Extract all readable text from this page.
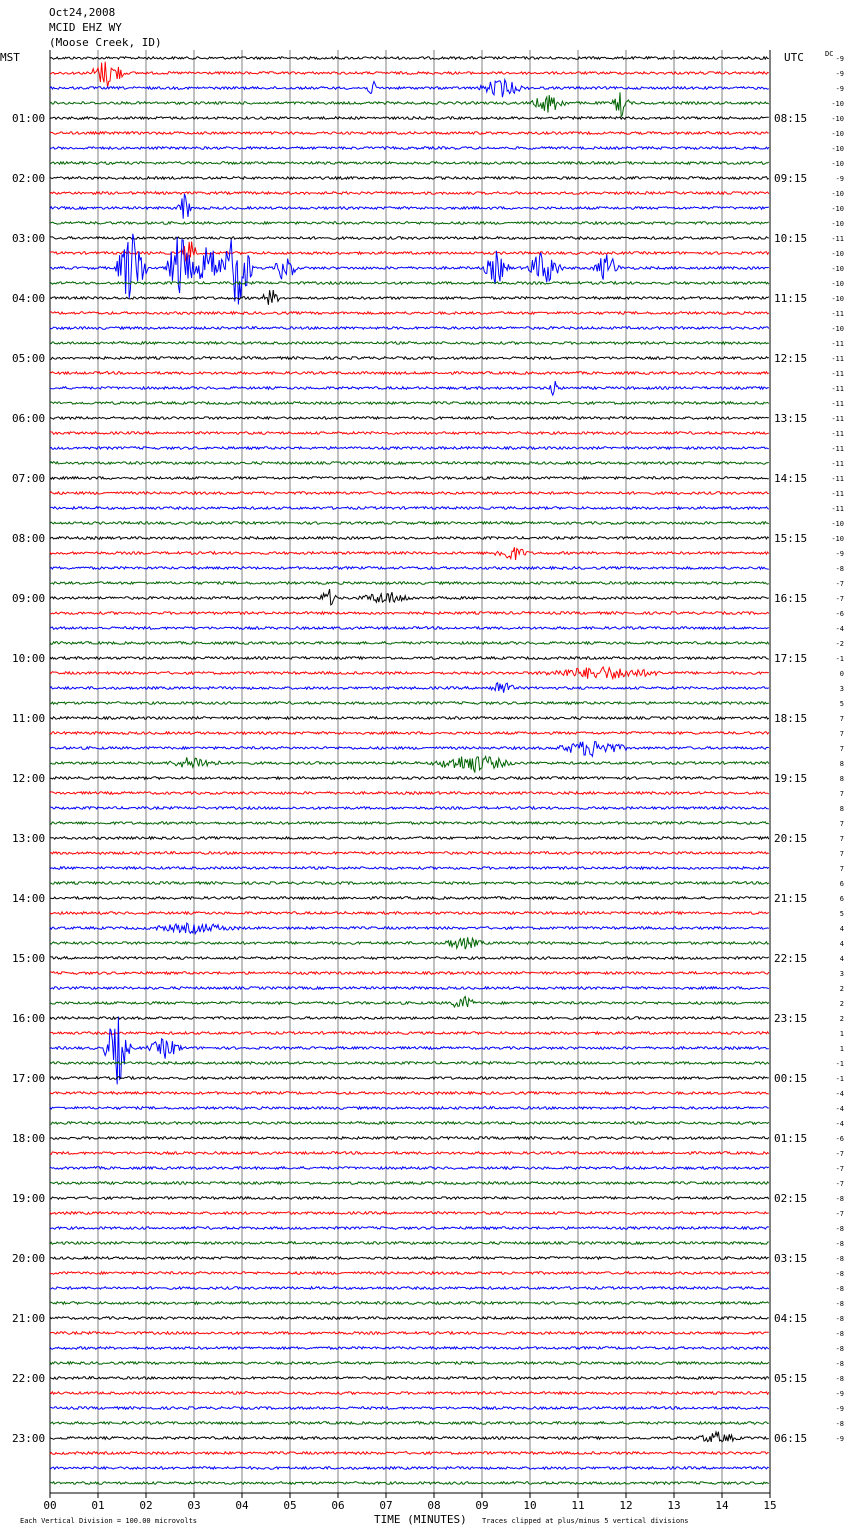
Oct24,2008
MCID EHZ WY
(Moose Creek, ID)
MST	UTC	DC
01:00
02:00
03:00
04:00
05:00
06:00
07:00
08:00
09:00
10:00
11:00
12:00
13:00
14:00
15:00
16:00
17:00
18:00
19:00
20:00
21:00
22:00
23:00
08:15
09:15
10:15
11:15
12:15
13:15
14:15
15:15
16:15
17:15
18:15
19:15
20:15
21:15
22:15
23:15
00:15
01:15
02:15
03:15
04:15
05:15
06:15
-9
-9
-9
-10
-10
-10
-10
-10
-9
-10
-10
-10
-11
-10
-10
-10
-10
-11
-10
-11
-11
-11
-11
-11
-11
-11
-11
-11
-11
-11
-11
-10
-10
-9
-8
-7
-7
-6
-4
-2
-1
0
3
5
7
7
7
8
8
7
8
7
7
7
7
6
6
5
4
4
4
3
2
2
2
1
1
-1
-1
-4
-4
-4
-6
-7
-7
-7
-8
-7
-8
-8
-8
-8
-8
-8
-8
-8
-8
-8
-8
-9
-9
-8
-9
00	01	02	03	04	05	06	07	08	09	10	11	12	13	14	15
TIME (MINUTES)
Each Vertical Division = 100.00 microvolts	Traces clipped at plus/minus 5 vertical divisions
